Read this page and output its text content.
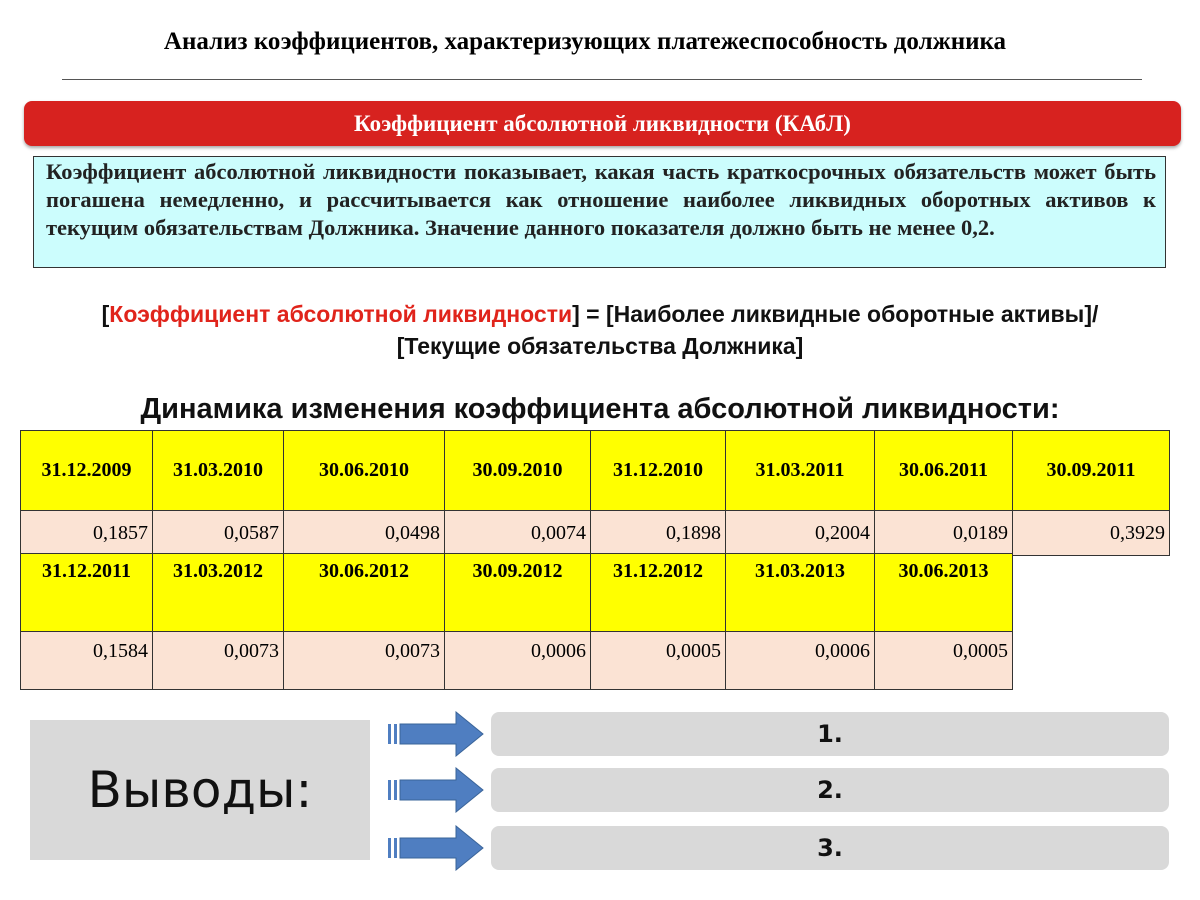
Анализ коэффициентов, характеризующих платежеспособность должника
Коэффициент абсолютной ликвидности (КАбЛ)
Коэффициент абсолютной ликвидности показывает, какая часть краткосрочных обязательств может быть погашена немедленно, и рассчитывается как отношение наиболее ликвидных оборотных активов к текущим обязательствам Должника. Значение данного показателя должно быть не менее 0,2.
[Коэффициент абсолютной ликвидности] = [Наиболее ликвидные оборотные активы]/
[Текущие обязательства Должника]
Динамика изменения коэффициента абсолютной ликвидности:
31.12.2009	31.03.2010	30.06.2010	30.09.2010	31.12.2010	31.03.2011	30.06.2011	30.09.2011
0,1857	0,0587	0,0498	0,0074	0,1898	0,2004	0,0189	0,3929
31.12.2011	31.03.2012	30.06.2012	30.09.2012	31.12.2012	31.03.2013	30.06.2013
0,1584	0,0073	0,0073	0,0006	0,0005	0,0006	0,0005
Выводы:
1.
2.
3.
